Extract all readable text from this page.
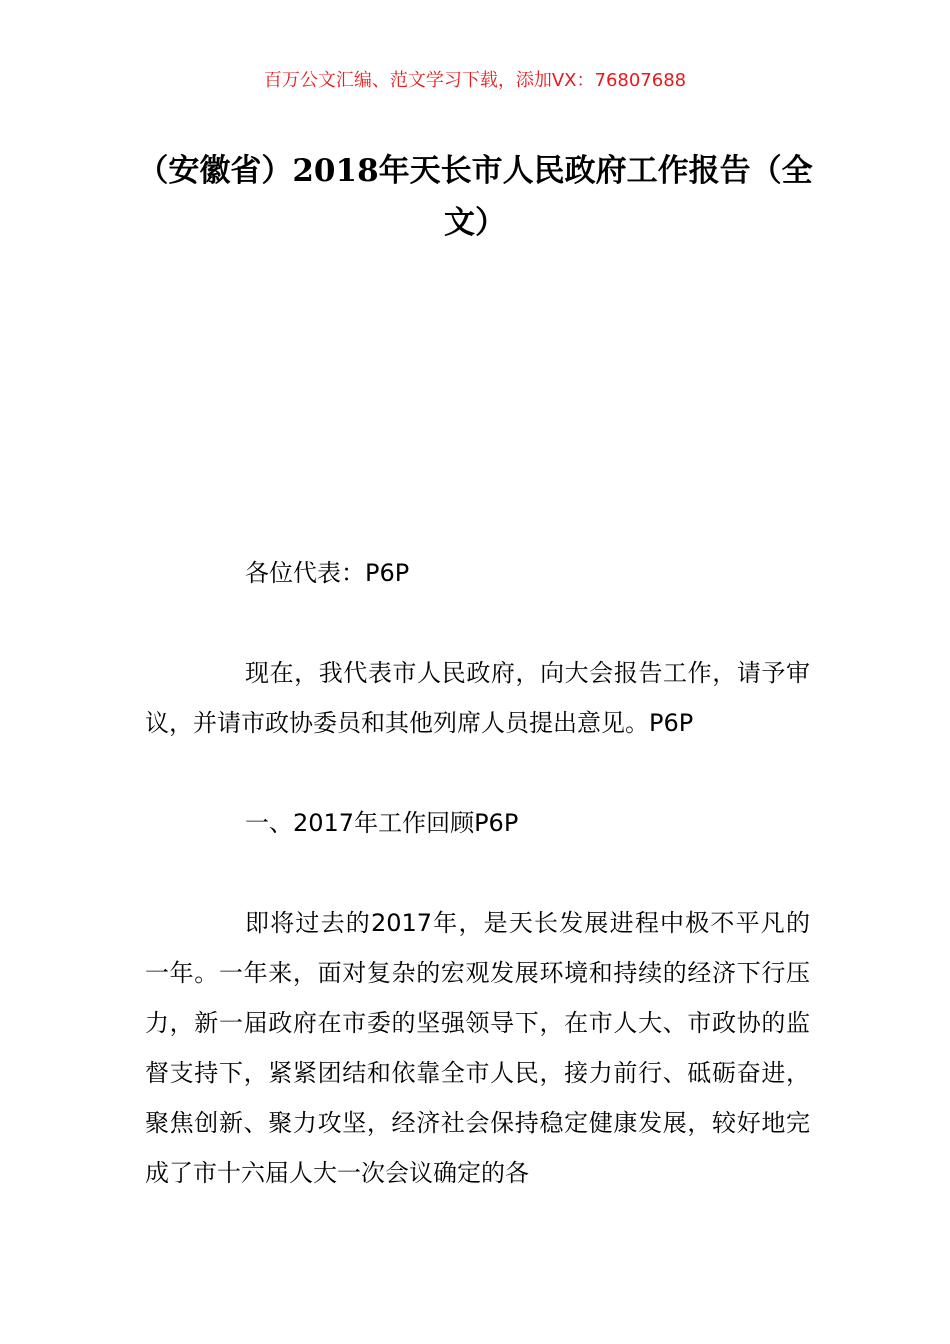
百万公文汇编、范文学习下载，添加VX：76807688
（安徽省）2018年天长市人民政府工作报告（全文）

各位代表：P6P

现在，我代表市人民政府，向大会报告工作，请予审议，并请市政协委员和其他列席人员提出意见。P6P

一、2017年工作回顾P6P

即将过去的2017年，是天长发展进程中极不平凡的一年。一年来，面对复杂的宏观发展环境和持续的经济下行压力，新一届政府在市委的坚强领导下，在市人大、市政协的监督支持下，紧紧团结和依靠全市人民，接力前行、砥砺奋进，聚焦创新、聚力攻坚，经济社会保持稳定健康发展，较好地完成了市十六届人大一次会议确定的各
